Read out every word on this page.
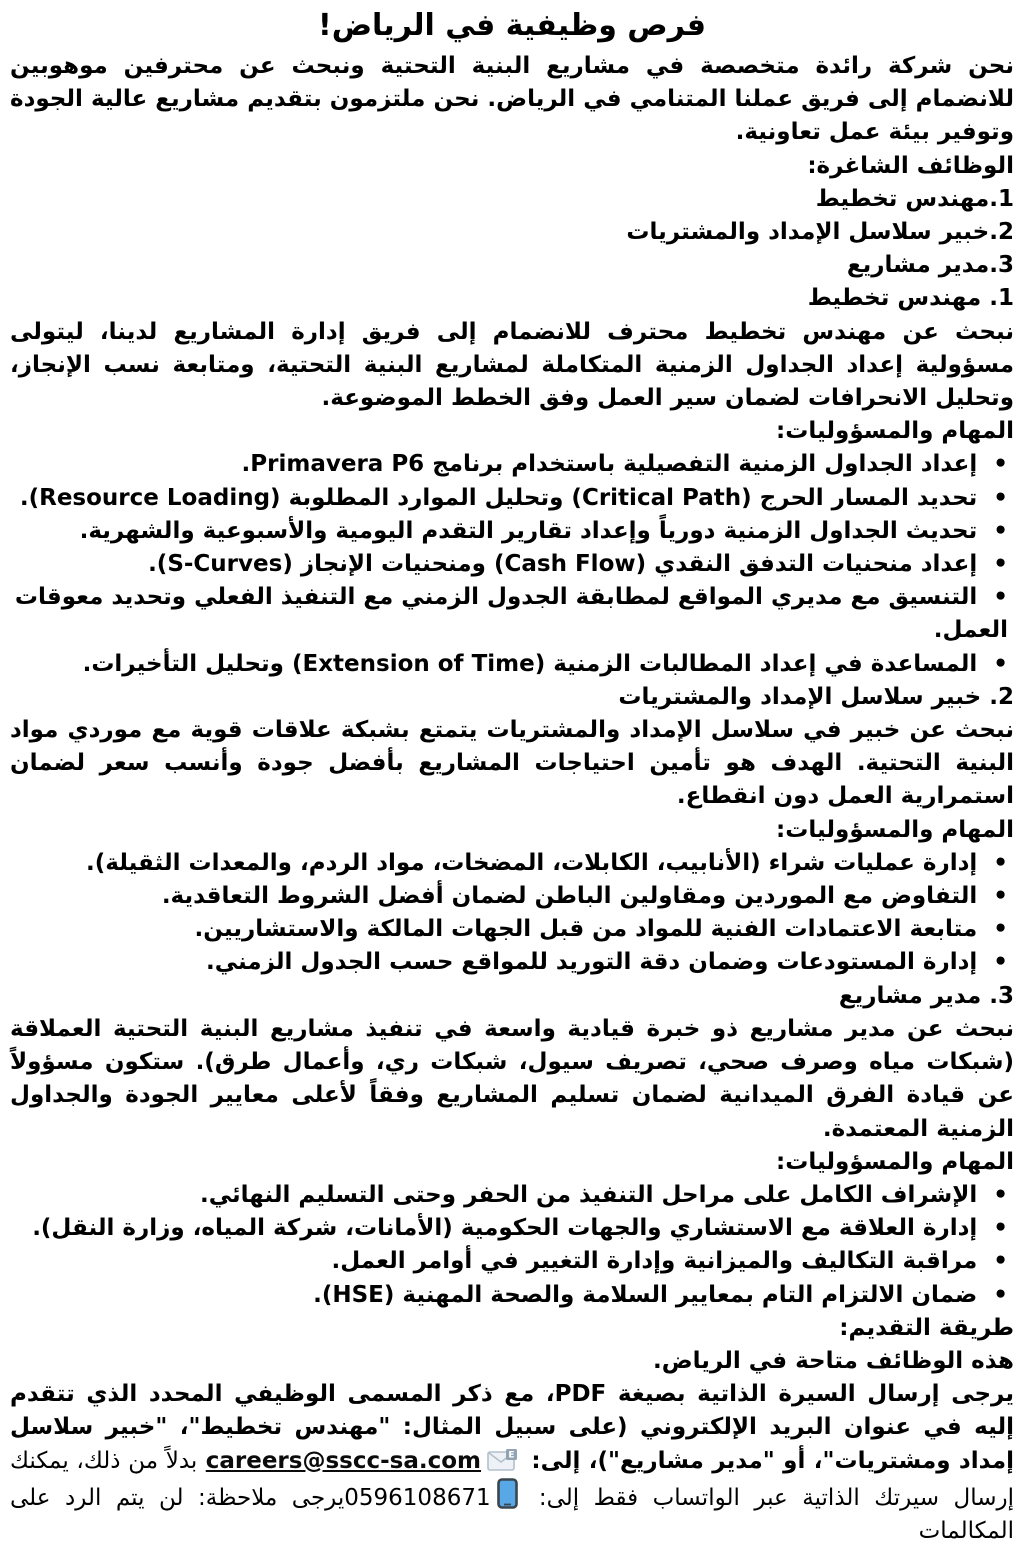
فرص وظيفية في الرياض!

نحن شركة رائدة متخصصة في مشاريع البنية التحتية ونبحث عن محترفين موهوبين للانضمام إلى فريق عملنا المتنامي في الرياض. نحن ملتزمون بتقديم مشاريع عالية الجودة وتوفير بيئة عمل تعاونية.

الوظائف الشاغرة:

1.مهندس تخطيط
2.خبير سلاسل الإمداد والمشتريات
3.مدير مشاريع

1. مهندس تخطيط

نبحث عن مهندس تخطيط محترف للانضمام إلى فريق إدارة المشاريع لدينا، ليتولى مسؤولية إعداد الجداول الزمنية المتكاملة لمشاريع البنية التحتية، ومتابعة نسب الإنجاز، وتحليل الانحرافات لضمان سير العمل وفق الخطط الموضوعة.

المهام والمسؤوليات:

•  إعداد الجداول الزمنية التفصيلية باستخدام برنامج Primavera P6.
•  تحديد المسار الحرج (Critical Path) وتحليل الموارد المطلوبة (Resource Loading).
•  تحديث الجداول الزمنية دورياً وإعداد تقارير التقدم اليومية والأسبوعية والشهرية.
•  إعداد منحنيات التدفق النقدي (Cash Flow) ومنحنيات الإنجاز (S-Curves).
•  التنسيق مع مديري المواقع لمطابقة الجدول الزمني مع التنفيذ الفعلي وتحديد معوقات العمل.
•  المساعدة في إعداد المطالبات الزمنية (Extension of Time) وتحليل التأخيرات.

2. خبير سلاسل الإمداد والمشتريات

نبحث عن خبير في سلاسل الإمداد والمشتريات يتمتع بشبكة علاقات قوية مع موردي مواد البنية التحتية. الهدف هو تأمين احتياجات المشاريع بأفضل جودة وأنسب سعر لضمان استمرارية العمل دون انقطاع.

المهام والمسؤوليات:

•  إدارة عمليات شراء (الأنابيب، الكابلات، المضخات، مواد الردم، والمعدات الثقيلة).
•  التفاوض مع الموردين ومقاولين الباطن لضمان أفضل الشروط التعاقدية.
•  متابعة الاعتمادات الفنية للمواد من قبل الجهات المالكة والاستشاريين.
•  إدارة المستودعات وضمان دقة التوريد للمواقع حسب الجدول الزمني.

3. مدير مشاريع

نبحث عن مدير مشاريع ذو خبرة قيادية واسعة في تنفيذ مشاريع البنية التحتية العملاقة (شبكات مياه وصرف صحي، تصريف سيول، شبكات ري، وأعمال طرق). ستكون مسؤولاً عن قيادة الفرق الميدانية لضمان تسليم المشاريع وفقاً لأعلى معايير الجودة والجداول الزمنية المعتمدة.

المهام والمسؤوليات:

•  الإشراف الكامل على مراحل التنفيذ من الحفر وحتى التسليم النهائي.
•  إدارة العلاقة مع الاستشاري والجهات الحكومية (الأمانات، شركة المياه، وزارة النقل).
•  مراقبة التكاليف والميزانية وإدارة التغيير في أوامر العمل.
•  ضمان الالتزام التام بمعايير السلامة والصحة المهنية (HSE).

طريقة التقديم:

هذه الوظائف متاحة في الرياض.

يرجى إرسال السيرة الذاتية بصيغة PDF، مع ذكر المسمى الوظيفي المحدد الذي تتقدم إليه في عنوان البريد الإلكتروني (على سبيل المثال: "مهندس تخطيط"، "خبير سلاسل إمداد ومشتريات"، أو "مدير مشاريع")، إلى:
E
careers@sscc-sa.com بدلاً من ذلك، يمكنك إرسال سيرتك الذاتية عبر الواتساب فقط إلى:
0596108671يرجى ملاحظة: لن يتم الرد على المكالمات
